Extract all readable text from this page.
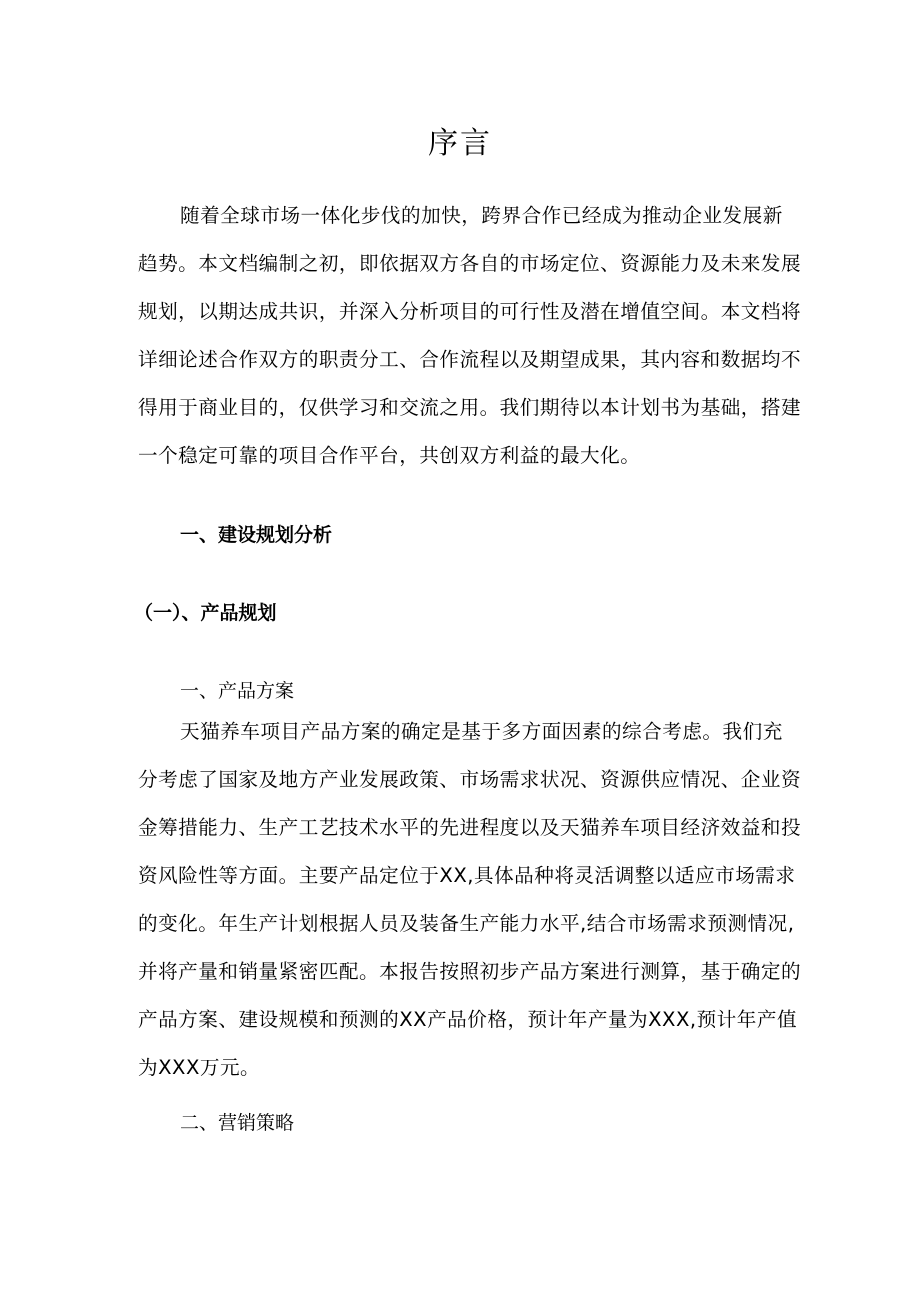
序言
随着全球市场一体化步伐的加快，跨界合作已经成为推动企业发展新
趋势。本文档编制之初，即依据双方各自的市场定位、资源能力及未来发展
规划，以期达成共识，并深入分析项目的可行性及潜在增值空间。本文档将
详细论述合作双方的职责分工、合作流程以及期望成果，其内容和数据均不
得用于商业目的，仅供学习和交流之用。我们期待以本计划书为基础，搭建
一个稳定可靠的项目合作平台，共创双方利益的最大化。
一、建设规划分析
（一）、产品规划
一、产品方案
天猫养车项目产品方案的确定是基于多方面因素的综合考虑。我们充
分考虑了国家及地方产业发展政策、市场需求状况、资源供应情况、企业资
金筹措能力、生产工艺技术水平的先进程度以及天猫养车项目经济效益和投
资风险性等方面。主要产品定位于XX,具体品种将灵活调整以适应市场需求
的变化。年生产计划根据人员及装备生产能力水平,结合市场需求预测情况,
并将产量和销量紧密匹配。本报告按照初步产品方案进行测算，基于确定的
产品方案、建设规模和预测的XX产品价格，预计年产量为XXX,预计年产值
为XXX万元。
二、营销策略
